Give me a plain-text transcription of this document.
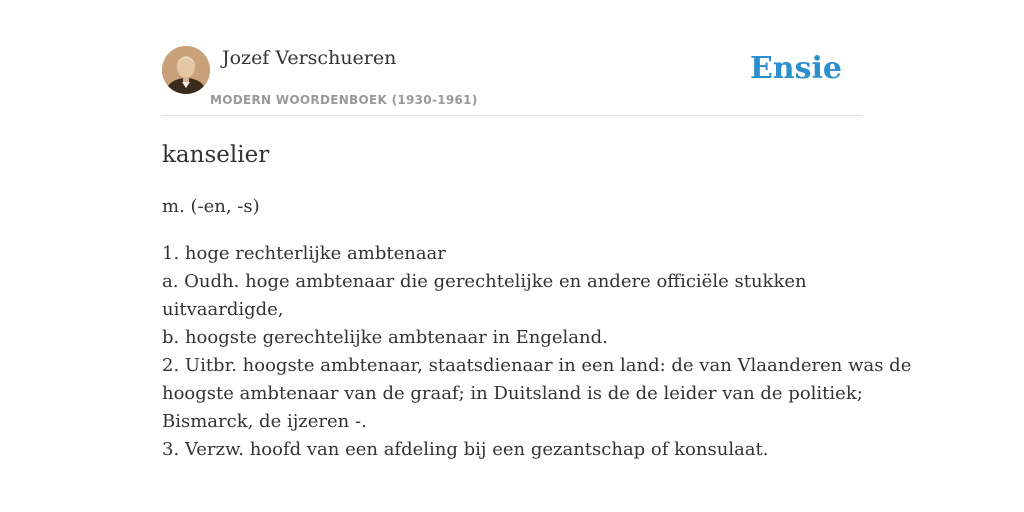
Jozef Verschueren
MODERN WOORDENBOEK (1930-1961)
Ensie
kanselier
m. (-en, -s)
1. hoge rechterlijke ambtenaar
a. Oudh. hoge ambtenaar die gerechtelijke en andere officiële stukken
uitvaardigde,
b. hoogste gerechtelijke ambtenaar in Engeland.
2. Uitbr. hoogste ambtenaar, staatsdienaar in een land: de van Vlaanderen was de
hoogste ambtenaar van de graaf; in Duitsland is de de leider van de politiek;
Bismarck, de ijzeren -.
3. Verzw. hoofd van een afdeling bij een gezantschap of konsulaat.
